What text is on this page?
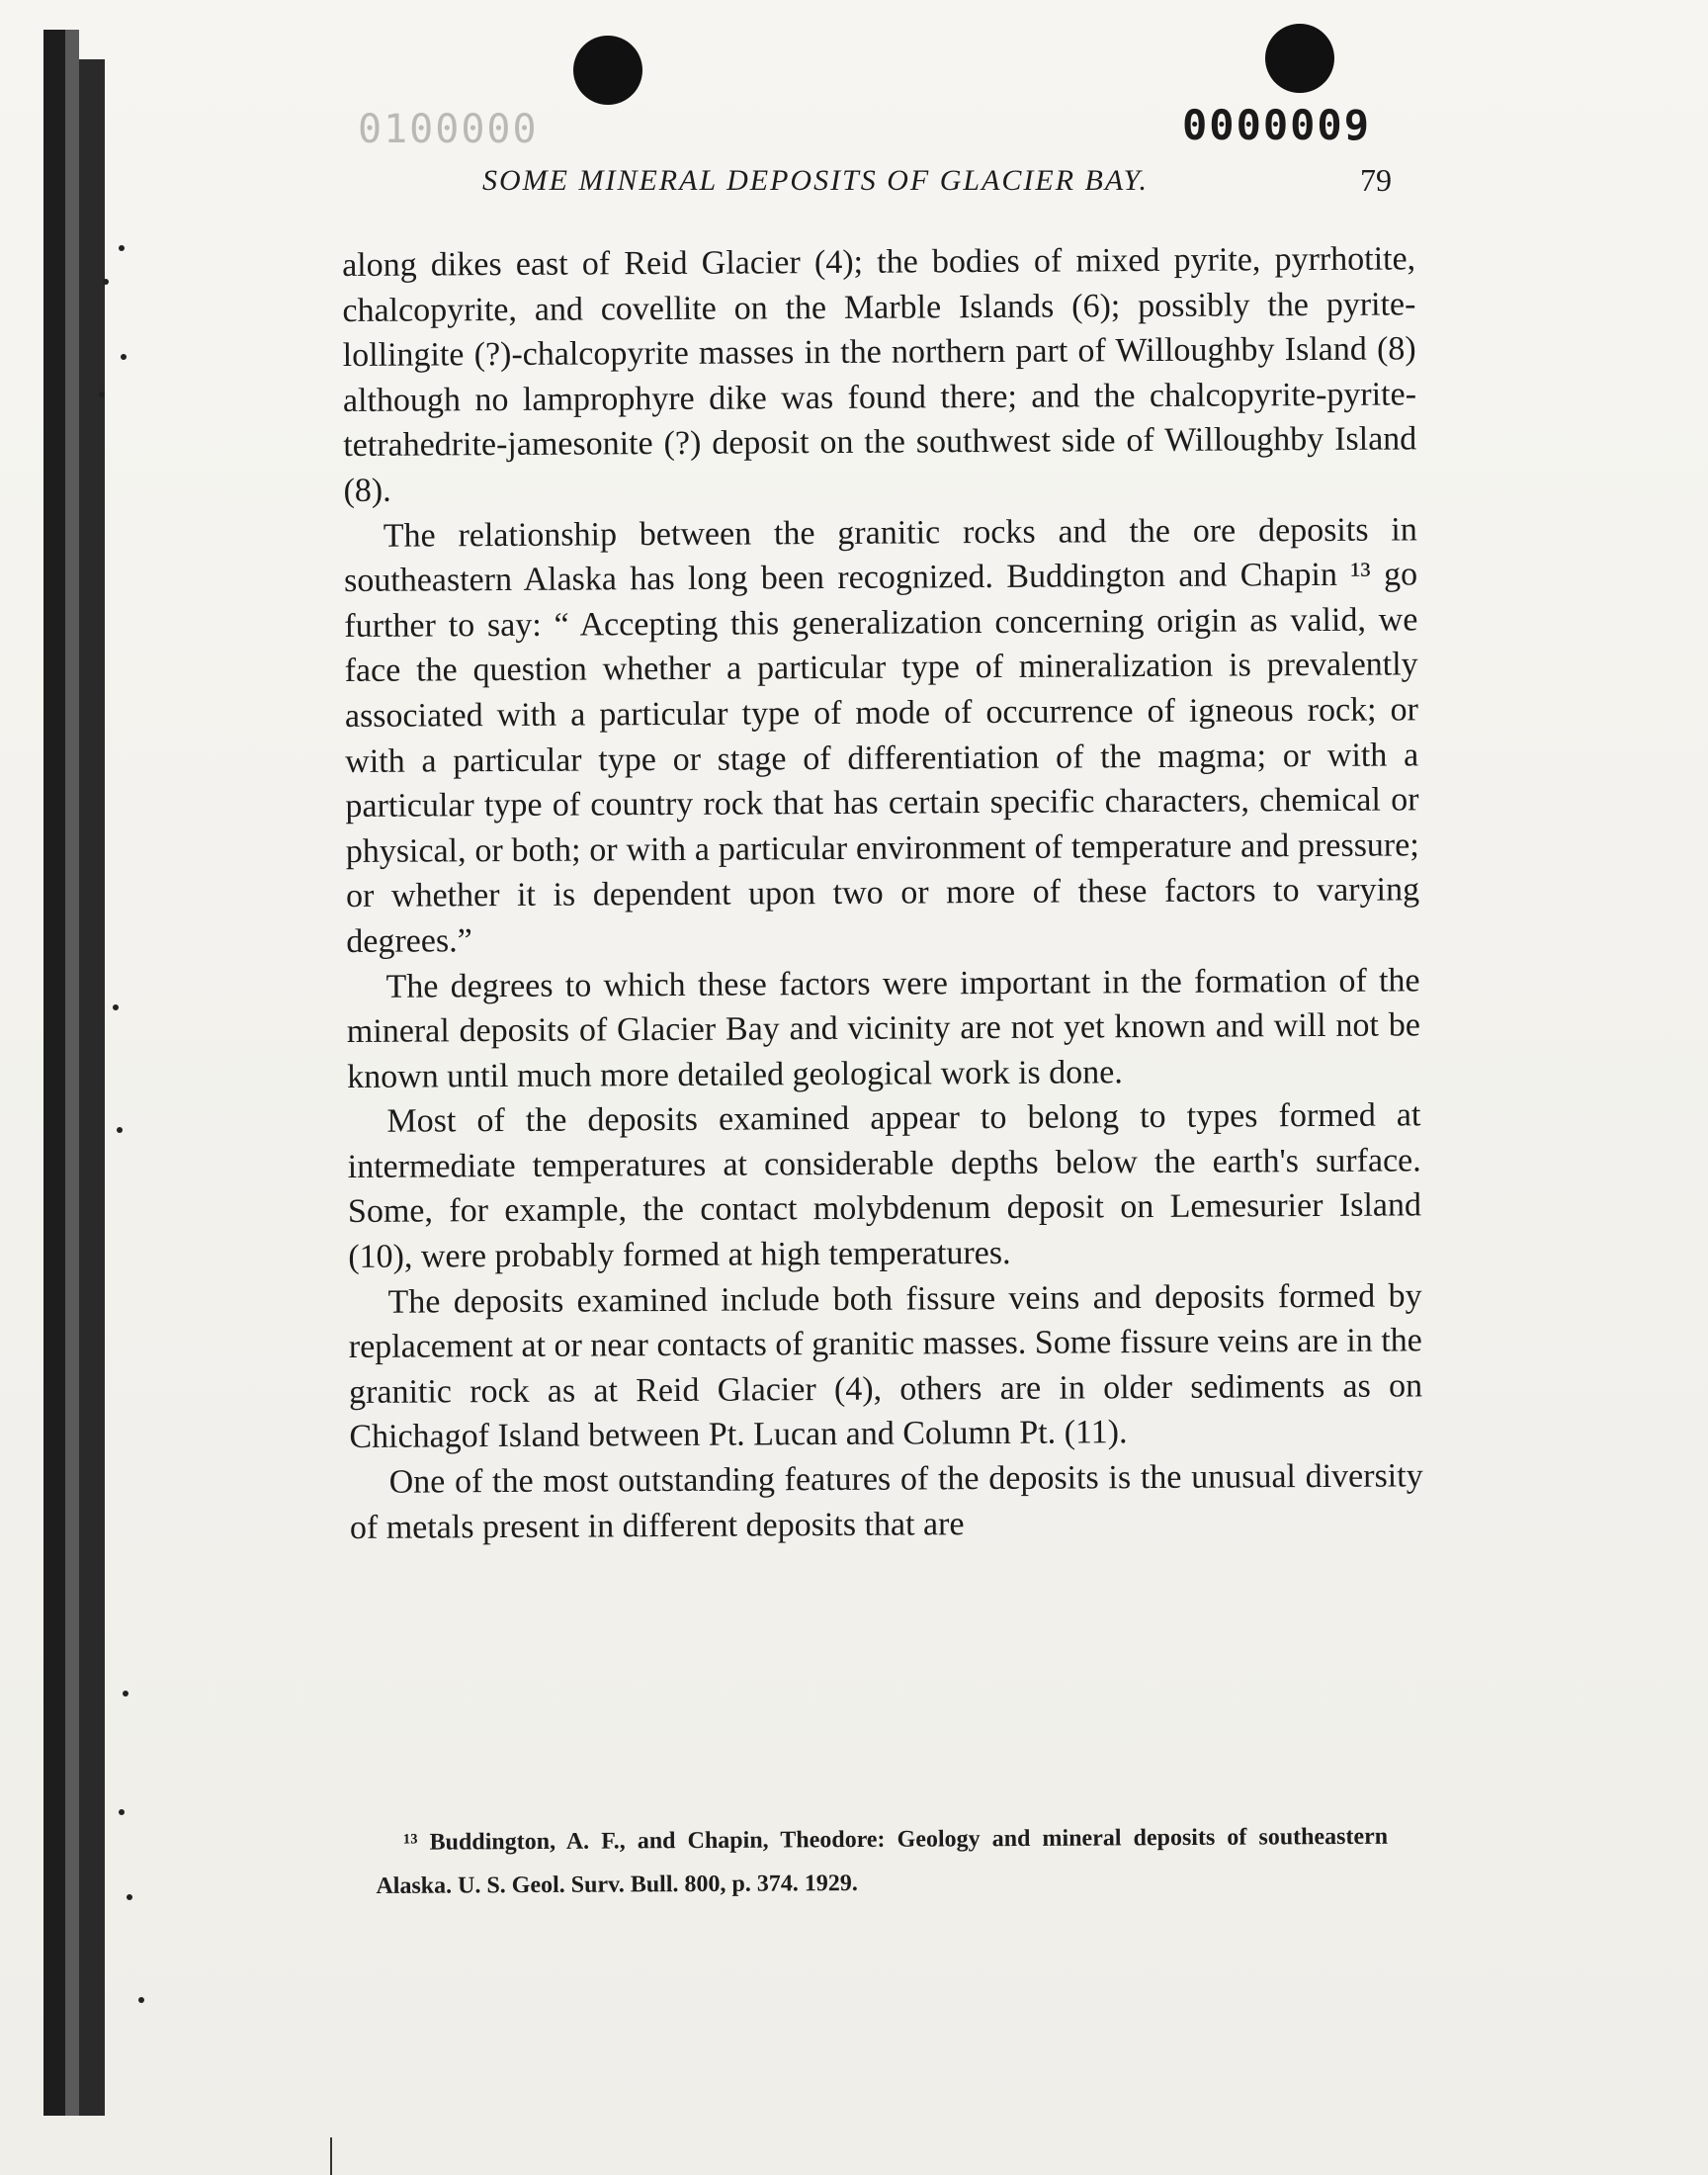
0100000	0000009
SOME MINERAL DEPOSITS OF GLACIER BAY.	79

along dikes east of Reid Glacier (4); the bodies of mixed pyrite, pyrrhotite, chalcopyrite, and covellite on the Marble Islands (6); possibly the pyrite-lollingite (?)-chalcopyrite masses in the northern part of Willoughby Island (8) although no lamprophyre dike was found there; and the chalcopyrite-pyrite-tetrahedrite-jamesonite (?) deposit on the southwest side of Willoughby Island (8).

The relationship between the granitic rocks and the ore deposits in southeastern Alaska has long been recognized. Buddington and Chapin ¹³ go further to say: “ Accepting this generalization concerning origin as valid, we face the question whether a particular type of mineralization is prevalently associated with a particular type of mode of occurrence of igneous rock; or with a particular type or stage of differentiation of the magma; or with a particular type of country rock that has certain specific characters, chemical or physical, or both; or with a particular environment of temperature and pressure; or whether it is dependent upon two or more of these factors to varying degrees.”

The degrees to which these factors were important in the formation of the mineral deposits of Glacier Bay and vicinity are not yet known and will not be known until much more detailed geological work is done.

Most of the deposits examined appear to belong to types formed at intermediate temperatures at considerable depths below the earth's surface. Some, for example, the contact molybdenum deposit on Lemesurier Island (10), were probably formed at high temperatures.

The deposits examined include both fissure veins and deposits formed by replacement at or near contacts of granitic masses. Some fissure veins are in the granitic rock as at Reid Glacier (4), others are in older sediments as on Chichagof Island between Pt. Lucan and Column Pt. (11).

One of the most outstanding features of the deposits is the unusual diversity of metals present in different deposits that are

¹³ Buddington, A. F., and Chapin, Theodore: Geology and mineral deposits of southeastern Alaska. U. S. Geol. Surv. Bull. 800, p. 374. 1929.
